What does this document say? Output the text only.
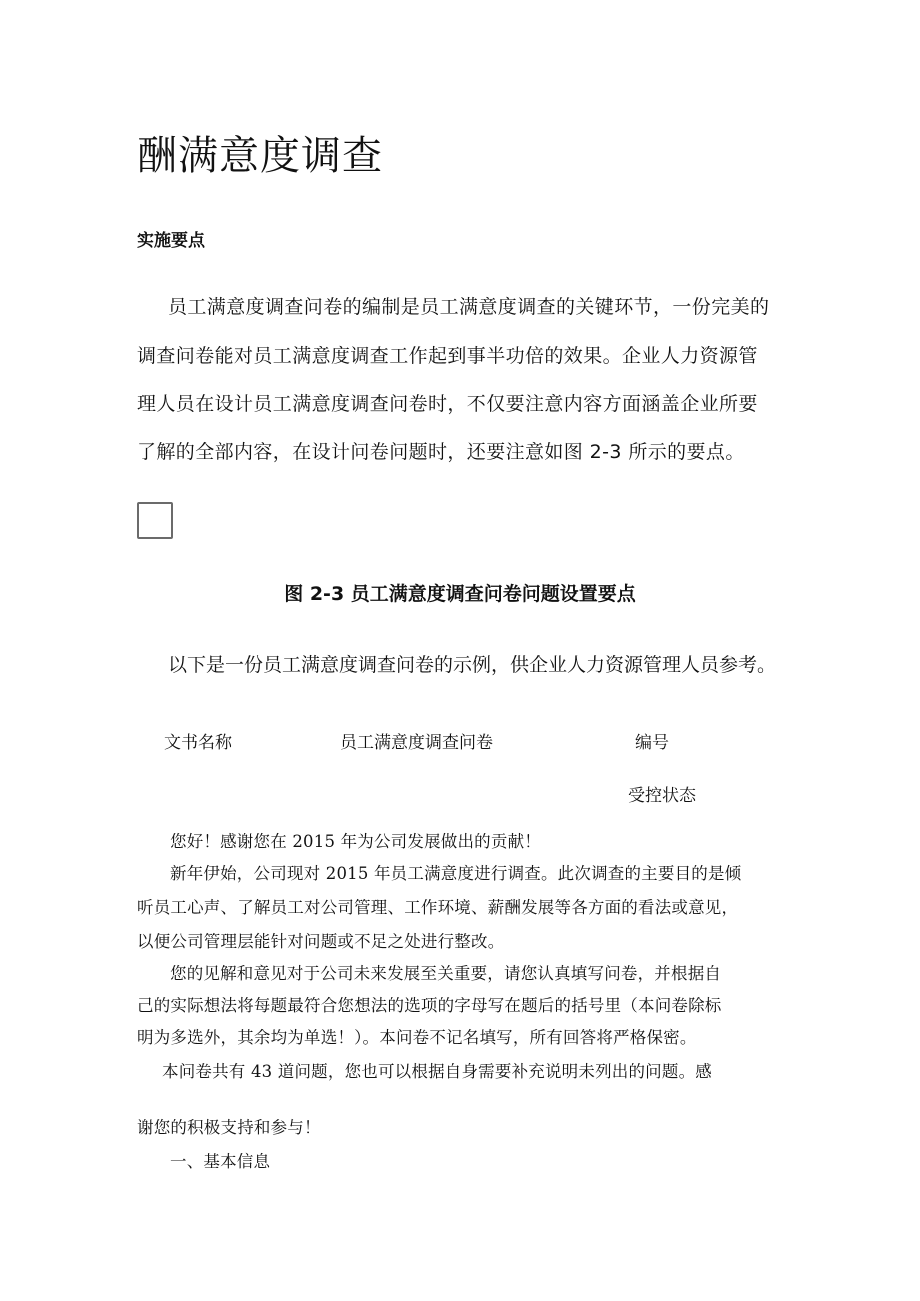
酬满意度调查
实施要点
员工满意度调查问卷的编制是员工满意度调查的关键环节，一份完美的
调查问卷能对员工满意度调查工作起到事半功倍的效果。企业人力资源管
理人员在设计员工满意度调查问卷时，不仅要注意内容方面涵盖企业所要
了解的全部内容，在设计问卷问题时，还要注意如图 2-3 所示的要点。
图 2-3 员工满意度调查问卷问题设置要点
以下是一份员工满意度调查问卷的示例，供企业人力资源管理人员参考。
文书名称	员工满意度调查问卷	编号
受控状态
您好！感谢您在 2015 年为公司发展做出的贡献！
新年伊始，公司现对 2015 年员工满意度进行调查。此次调查的主要目的是倾
听员工心声、了解员工对公司管理、工作环境、薪酬发展等各方面的看法或意见，
以便公司管理层能针对问题或不足之处进行整改。
您的见解和意见对于公司未来发展至关重要，请您认真填写问卷，并根据自
己的实际想法将每题最符合您想法的选项的字母写在题后的括号里（本问卷除标
明为多选外，其余均为单选！）。本问卷不记名填写，所有回答将严格保密。
本问卷共有 43 道问题，您也可以根据自身需要补充说明未列出的问题。感
谢您的积极支持和参与！
一、基本信息
